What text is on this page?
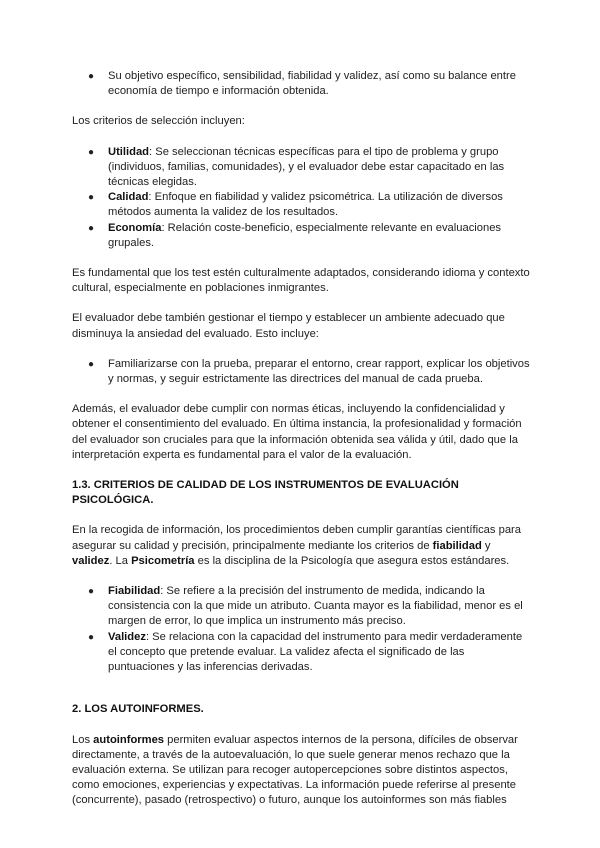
● Su objetivo específico, sensibilidad, fiabilidad y validez, así como su balance entre economía de tiempo e información obtenida.

Los criterios de selección incluyen:

● Utilidad: Se seleccionan técnicas específicas para el tipo de problema y grupo (individuos, familias, comunidades), y el evaluador debe estar capacitado en las técnicas elegidas.
● Calidad: Enfoque en fiabilidad y validez psicométrica. La utilización de diversos métodos aumenta la validez de los resultados.
● Economía: Relación coste-beneficio, especialmente relevante en evaluaciones grupales.

Es fundamental que los test estén culturalmente adaptados, considerando idioma y contexto cultural, especialmente en poblaciones inmigrantes.

El evaluador debe también gestionar el tiempo y establecer un ambiente adecuado que disminuya la ansiedad del evaluado. Esto incluye:

● Familiarizarse con la prueba, preparar el entorno, crear rapport, explicar los objetivos y normas, y seguir estrictamente las directrices del manual de cada prueba.

Además, el evaluador debe cumplir con normas éticas, incluyendo la confidencialidad y obtener el consentimiento del evaluado. En última instancia, la profesionalidad y formación del evaluador son cruciales para que la información obtenida sea válida y útil, dado que la interpretación experta es fundamental para el valor de la evaluación.

1.3. CRITERIOS DE CALIDAD DE LOS INSTRUMENTOS DE EVALUACIÓN PSICOLÓGICA.

En la recogida de información, los procedimientos deben cumplir garantías científicas para asegurar su calidad y precisión, principalmente mediante los criterios de fiabilidad y validez. La Psicometría es la disciplina de la Psicología que asegura estos estándares.

● Fiabilidad: Se refiere a la precisión del instrumento de medida, indicando la consistencia con la que mide un atributo. Cuanta mayor es la fiabilidad, menor es el margen de error, lo que implica un instrumento más preciso.
● Validez: Se relaciona con la capacidad del instrumento para medir verdaderamente el concepto que pretende evaluar. La validez afecta el significado de las puntuaciones y las inferencias derivadas.
2. LOS AUTOINFORMES.

Los autoinformes permiten evaluar aspectos internos de la persona, difíciles de observar directamente, a través de la autoevaluación, lo que suele generar menos rechazo que la evaluación externa. Se utilizan para recoger autopercepciones sobre distintos aspectos, como emociones, experiencias y expectativas. La información puede referirse al presente (concurrente), pasado (retrospectivo) o futuro, aunque los autoinformes son más fiables
